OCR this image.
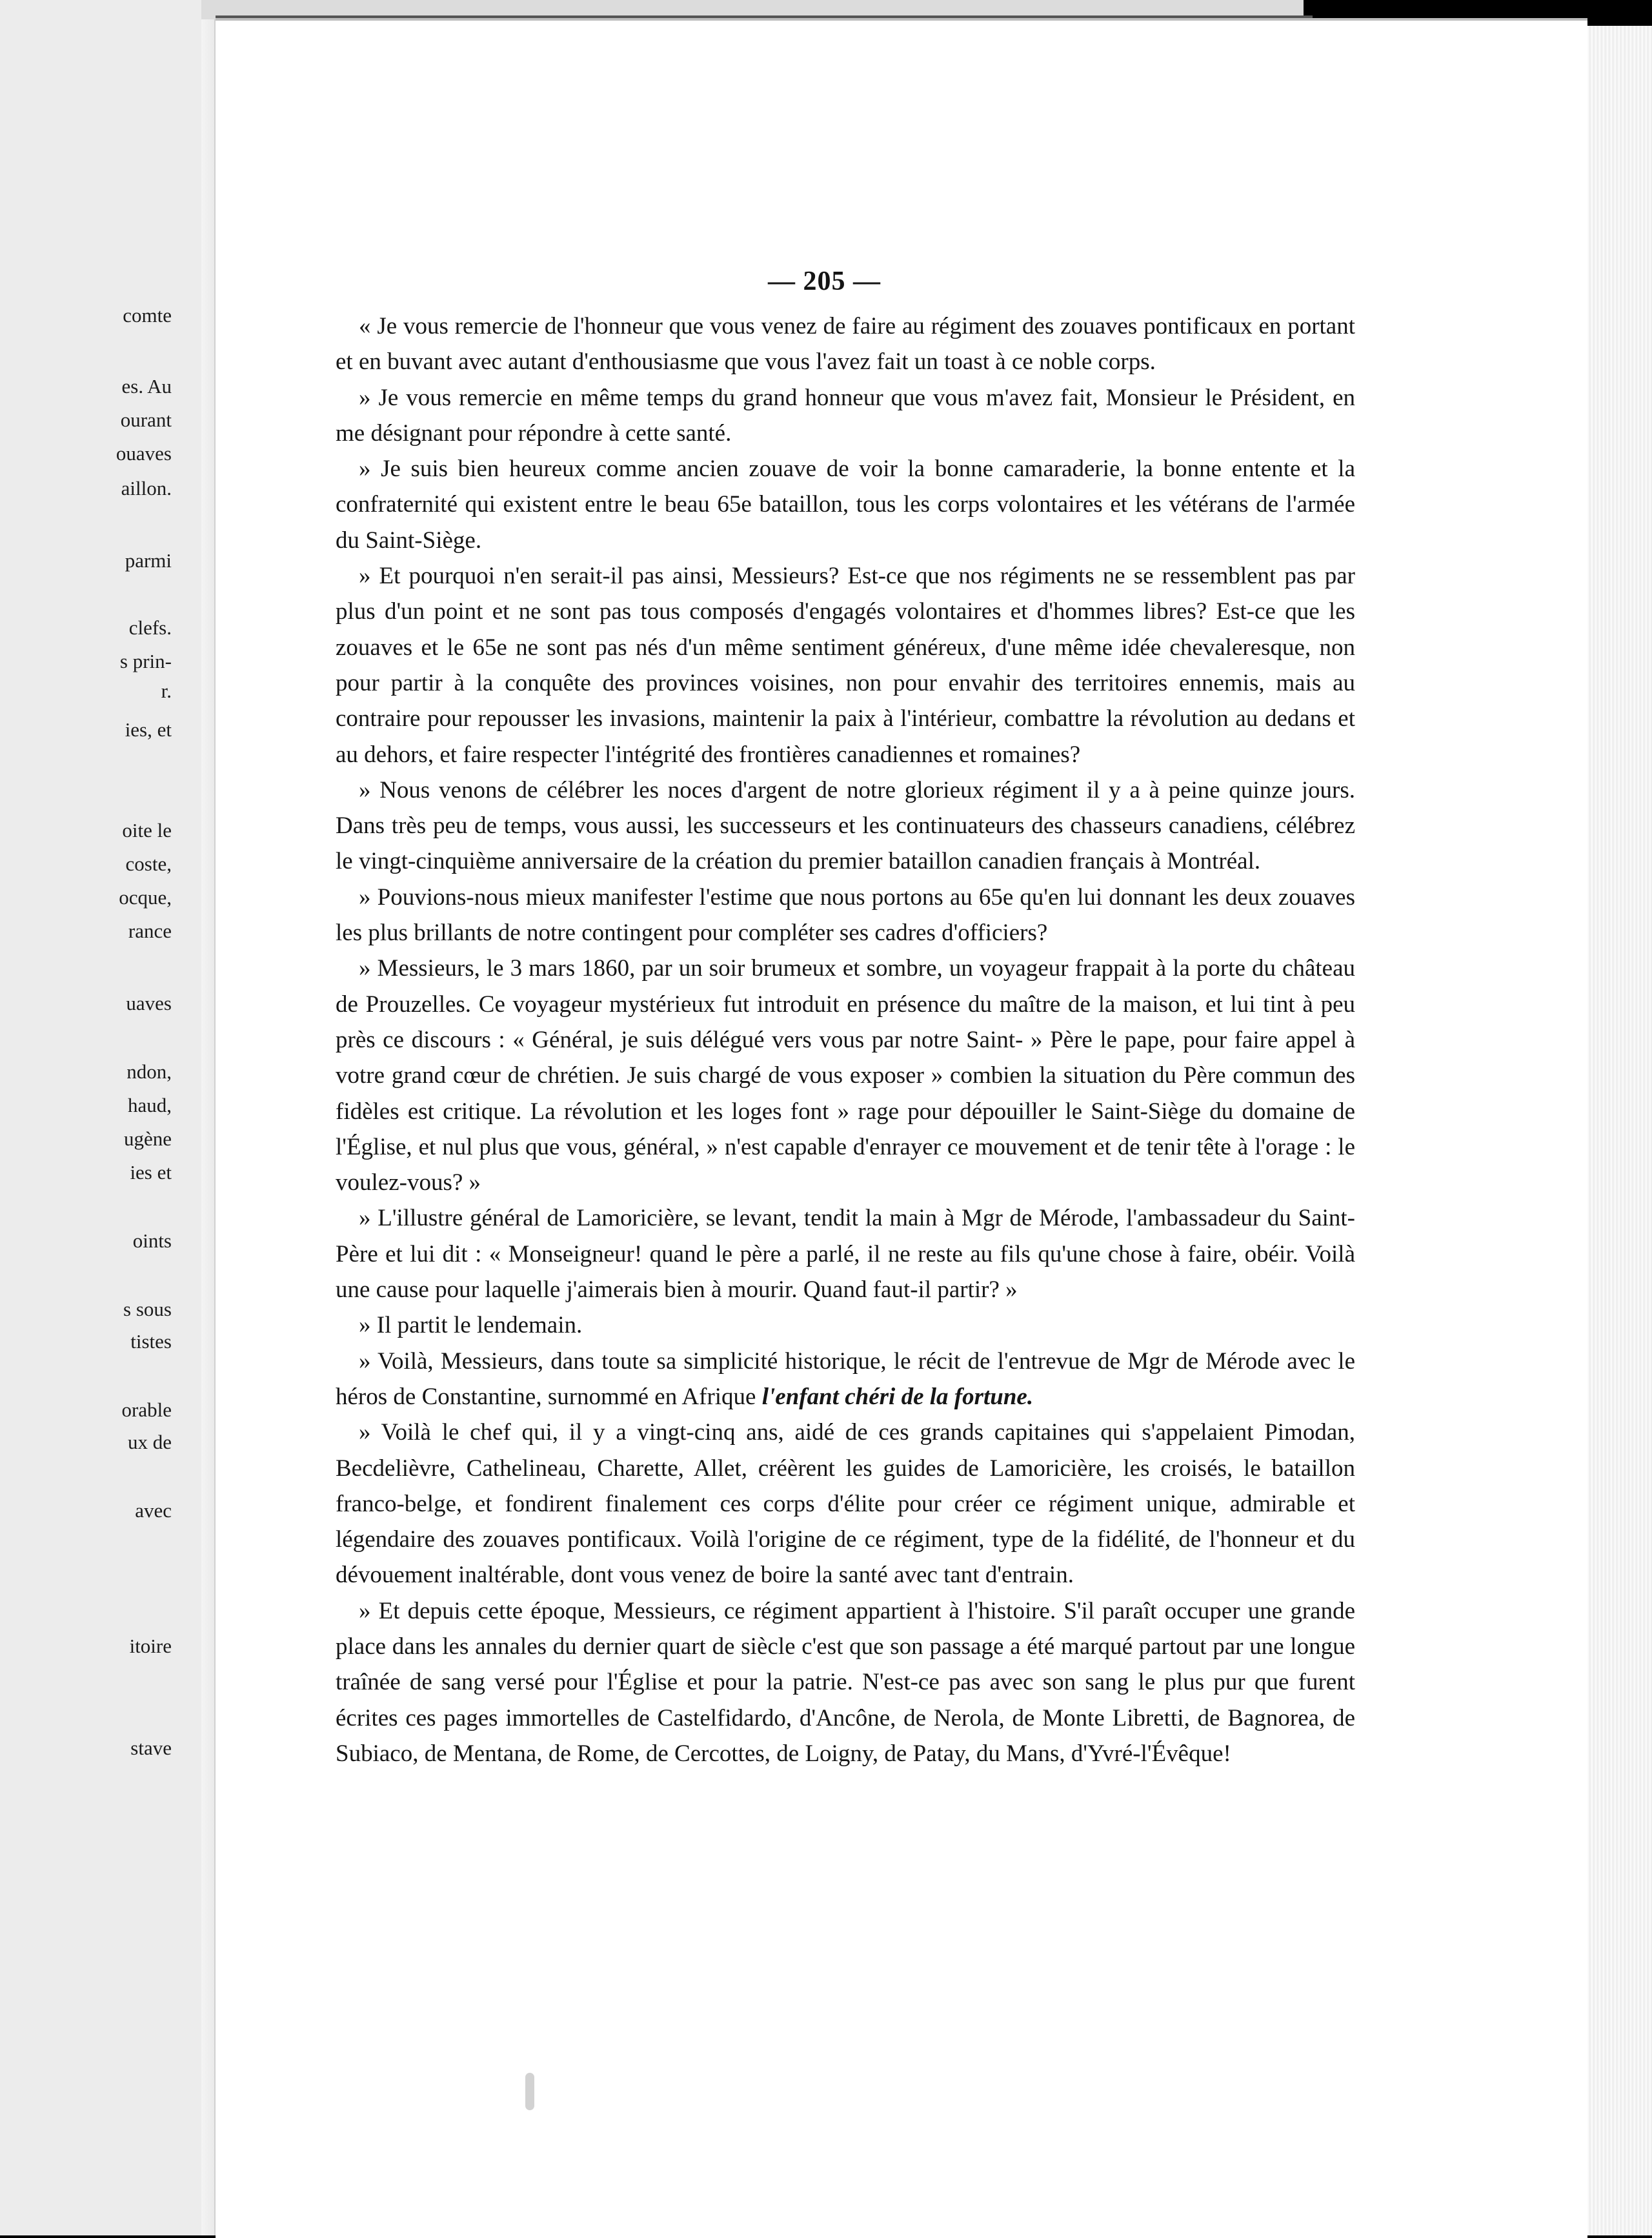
comte
es. Au
ourant
ouaves
aillon.
parmi
clefs.
s prin-
r.
ies, et
oite le
coste,
ocque,
rance
uaves
ndon,
haud,
ugène
ies et
oints
s sous
tistes
orable
ux de
avec
itoire
stave
— 205 —

« Je vous remercie de l'honneur que vous venez de faire au régiment des zouaves pontificaux en portant et en buvant avec autant d'enthousiasme que vous l'avez fait un toast à ce noble corps.

» Je vous remercie en même temps du grand honneur que vous m'avez fait, Monsieur le Président, en me désignant pour répondre à cette santé.

» Je suis bien heureux comme ancien zouave de voir la bonne camaraderie, la bonne entente et la confraternité qui existent entre le beau 65e bataillon, tous les corps volontaires et les vétérans de l'armée du Saint-Siège.

» Et pourquoi n'en serait-il pas ainsi, Messieurs? Est-ce que nos régiments ne se ressemblent pas par plus d'un point et ne sont pas tous composés d'engagés volontaires et d'hommes libres? Est-ce que les zouaves et le 65e ne sont pas nés d'un même sentiment généreux, d'une même idée chevaleresque, non pour partir à la conquête des provinces voisines, non pour envahir des territoires ennemis, mais au contraire pour repousser les invasions, maintenir la paix à l'intérieur, combattre la révolution au dedans et au dehors, et faire respecter l'intégrité des frontières canadiennes et romaines?

» Nous venons de célébrer les noces d'argent de notre glorieux régiment il y a à peine quinze jours. Dans très peu de temps, vous aussi, les successeurs et les continuateurs des chasseurs canadiens, célébrez le vingt-cinquième anniversaire de la création du premier bataillon canadien français à Montréal.

» Pouvions-nous mieux manifester l'estime que nous portons au 65e qu'en lui donnant les deux zouaves les plus brillants de notre contingent pour compléter ses cadres d'officiers?

» Messieurs, le 3 mars 1860, par un soir brumeux et sombre, un voyageur frappait à la porte du château de Prouzelles. Ce voyageur mystérieux fut introduit en présence du maître de la maison, et lui tint à peu près ce discours : « Général, je suis délégué vers vous par notre Saint- » Père le pape, pour faire appel à votre grand cœur de chrétien. Je suis chargé de vous exposer » combien la situation du Père commun des fidèles est critique. La révolution et les loges font » rage pour dépouiller le Saint-Siège du domaine de l'Église, et nul plus que vous, général, » n'est capable d'enrayer ce mouvement et de tenir tête à l'orage : le voulez-vous? »

» L'illustre général de Lamoricière, se levant, tendit la main à Mgr de Mérode, l'ambassadeur du Saint-Père et lui dit : « Monseigneur! quand le père a parlé, il ne reste au fils qu'une chose à faire, obéir. Voilà une cause pour laquelle j'aimerais bien à mourir. Quand faut-il partir? »

» Il partit le lendemain.

» Voilà, Messieurs, dans toute sa simplicité historique, le récit de l'entrevue de Mgr de Mérode avec le héros de Constantine, surnommé en Afrique l'enfant chéri de la fortune.

» Voilà le chef qui, il y a vingt-cinq ans, aidé de ces grands capitaines qui s'appelaient Pimodan, Becdelièvre, Cathelineau, Charette, Allet, créèrent les guides de Lamoricière, les croisés, le bataillon franco-belge, et fondirent finalement ces corps d'élite pour créer ce régiment unique, admirable et légendaire des zouaves pontificaux. Voilà l'origine de ce régiment, type de la fidélité, de l'honneur et du dévouement inaltérable, dont vous venez de boire la santé avec tant d'entrain.

» Et depuis cette époque, Messieurs, ce régiment appartient à l'histoire. S'il paraît occuper une grande place dans les annales du dernier quart de siècle c'est que son passage a été marqué partout par une longue traînée de sang versé pour l'Église et pour la patrie. N'est-ce pas avec son sang le plus pur que furent écrites ces pages immortelles de Castelfidardo, d'Ancône, de Nerola, de Monte Libretti, de Bagnorea, de Subiaco, de Mentana, de Rome, de Cercottes, de Loigny, de Patay, du Mans, d'Yvré-l'Évêque!
